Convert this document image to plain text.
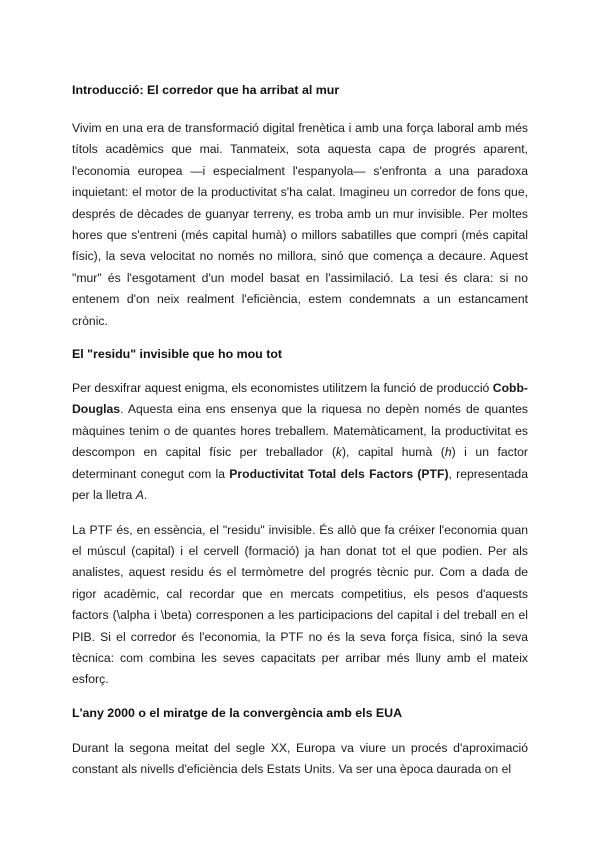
Introducció: El corredor que ha arribat al mur

Vivim en una era de transformació digital frenètica i amb una força laboral amb més títols acadèmics que mai. Tanmateix, sota aquesta capa de progrés aparent, l'economia europea —i especialment l'espanyola— s'enfronta a una paradoxa inquietant: el motor de la productivitat s'ha calat. Imagineu un corredor de fons que, després de dècades de guanyar terreny, es troba amb un mur invisible. Per moltes hores que s'entreni (més capital humà) o millors sabatilles que compri (més capital físic), la seva velocitat no només no millora, sinó que comença a decaure. Aquest "mur" és l'esgotament d'un model basat en l'assimilació. La tesi és clara: si no entenem d'on neix realment l'eficiència, estem condemnats a un estancament crònic.

El "residu" invisible que ho mou tot

Per desxifrar aquest enigma, els economistes utilitzem la funció de producció Cobb-Douglas. Aquesta eina ens ensenya que la riquesa no depèn només de quantes màquines tenim o de quantes hores treballem. Matemàticament, la productivitat es descompon en capital físic per treballador (k), capital humà (h) i un factor determinant conegut com la Productivitat Total dels Factors (PTF), representada per la lletra A.

La PTF és, en essència, el "residu" invisible. És allò que fa créixer l'economia quan el múscul (capital) i el cervell (formació) ja han donat tot el que podien. Per als analistes, aquest residu és el termòmetre del progrés tècnic pur. Com a dada de rigor acadèmic, cal recordar que en mercats competitius, els pesos d'aquests factors (\alpha i \beta) corresponen a les participacions del capital i del treball en el PIB. Si el corredor és l'economia, la PTF no és la seva força física, sinó la seva tècnica: com combina les seves capacitats per arribar més lluny amb el mateix esforç.

L'any 2000 o el miratge de la convergència amb els EUA

Durant la segona meitat del segle XX, Europa va viure un procés d'aproximació constant als nivells d'eficiència dels Estats Units. Va ser una època daurada on el
